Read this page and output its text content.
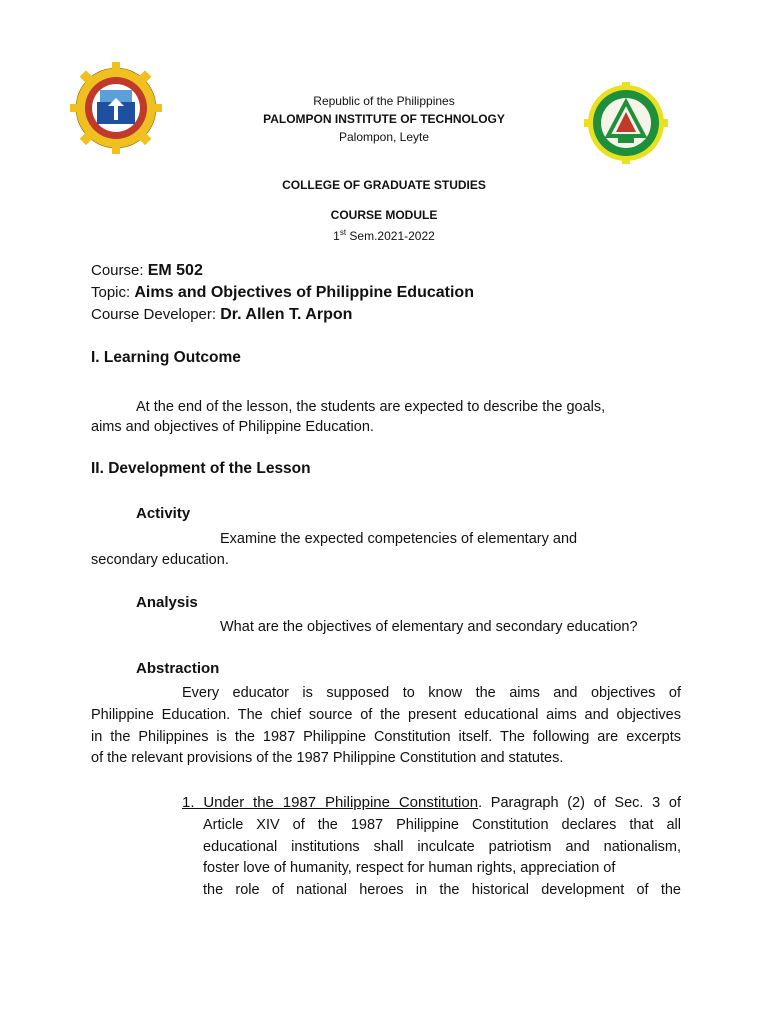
Republic of the Philippines
PALOMPON INSTITUTE OF TECHNOLOGY
Palompon, Leyte
COLLEGE OF GRADUATE STUDIES
COURSE MODULE
1st Sem.2021-2022
Course: EM 502
Topic: Aims and Objectives of Philippine Education
Course Developer: Dr. Allen T. Arpon
I. Learning Outcome
At the end of the lesson, the students are expected to describe the goals,
aims and objectives of Philippine Education.
II. Development of the Lesson
Activity
Examine the expected competencies of elementary and
secondary education.
Analysis
What are the objectives of elementary and secondary education?
Abstraction
Every educator is supposed to know the aims and objectives of
Philippine Education. The chief source of the present educational aims and objectives
in the Philippines is the 1987 Philippine Constitution itself. The following are excerpts
of the relevant provisions of the 1987 Philippine Constitution and statutes.
1. Under the 1987 Philippine Constitution. Paragraph (2) of Sec. 3 of
Article XIV of the 1987 Philippine Constitution declares that all
educational institutions shall inculcate patriotism and nationalism,
foster love of humanity, respect for human rights, appreciation of
the role of national heroes in the historical development of the
